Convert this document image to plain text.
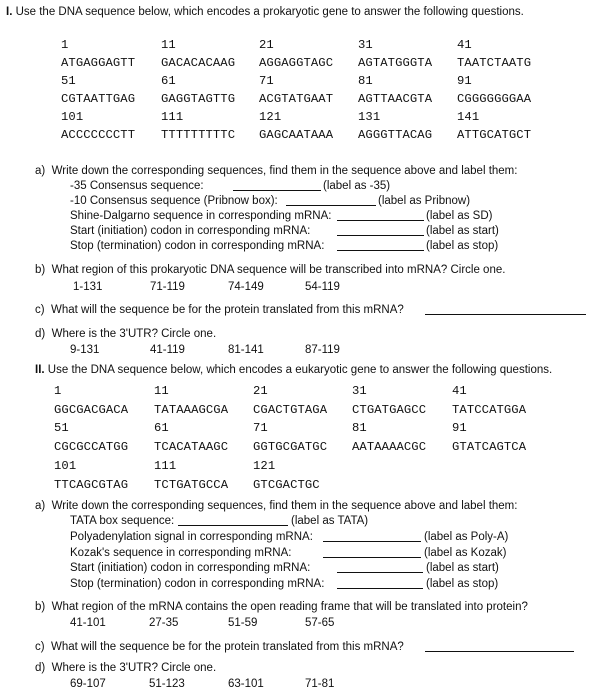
I. Use the DNA sequence below, which encodes a prokaryotic gene to answer the following questions.
1	11	21	31	41
ATGAGGAGTT GACACACAAG AGGAGGTAGC AGTATGGGTA TAATCTAATG
51	61	71	81	91
CGTAATTGAG GAGGTAGTTG ACGTATGAAT AGTTAACGTA CGGGGGGGAA
101	111	121	131	141
ACCCCCCCTT TTTTTTTTTC GAGCAATAAA AGGGTTACAG ATTGCATGCT
a)  Write down the corresponding sequences, find them in the sequence above and label them:
-35 Consensus sequence:	(label as -35)
-10 Consensus sequence (Pribnow box):	(label as Pribnow)
Shine-Dalgarno sequence in corresponding mRNA:	(label as SD)
Start (initiation) codon in corresponding mRNA:	(label as start)
Stop (termination) codon in corresponding mRNA:	(label as stop)
b)  What region of this prokaryotic DNA sequence will be transcribed into mRNA? Circle one.
1-131	71-119	74-149	54-119
c)  What will the sequence be for the protein translated from this mRNA?
d)  Where is the 3'UTR? Circle one.
9-131	41-119	81-141	87-119
II. Use the DNA sequence below, which encodes a eukaryotic gene to answer the following questions.
1	11	21	31	41
GGCGACGACA TATAAAGCGA CGACTGTAGA CTGATGAGCC TATCCATGGA
51	61	71	81	91
CGCGCCATGG TCACATAAGC GGTGCGATGC AATAAAACGC GTATCAGTCA
101	111	121
TTCAGCGTAG TCTGATGCCA GTCGACTGC
a)  Write down the corresponding sequences, find them in the sequence above and label them:
TATA box sequence:	(label as TATA)
Polyadenylation signal in corresponding mRNA:	(label as Poly-A)
Kozak's sequence in corresponding mRNA:	(label as Kozak)
Start (initiation) codon in corresponding mRNA:	(label as start)
Stop (termination) codon in corresponding mRNA:	(label as stop)
b)  What region of the mRNA contains the open reading frame that will be translated into protein?
41-101	27-35	51-59	57-65
c)  What will the sequence be for the protein translated from this mRNA?
d)  Where is the 3'UTR? Circle one.
69-107	51-123	63-101	71-81
